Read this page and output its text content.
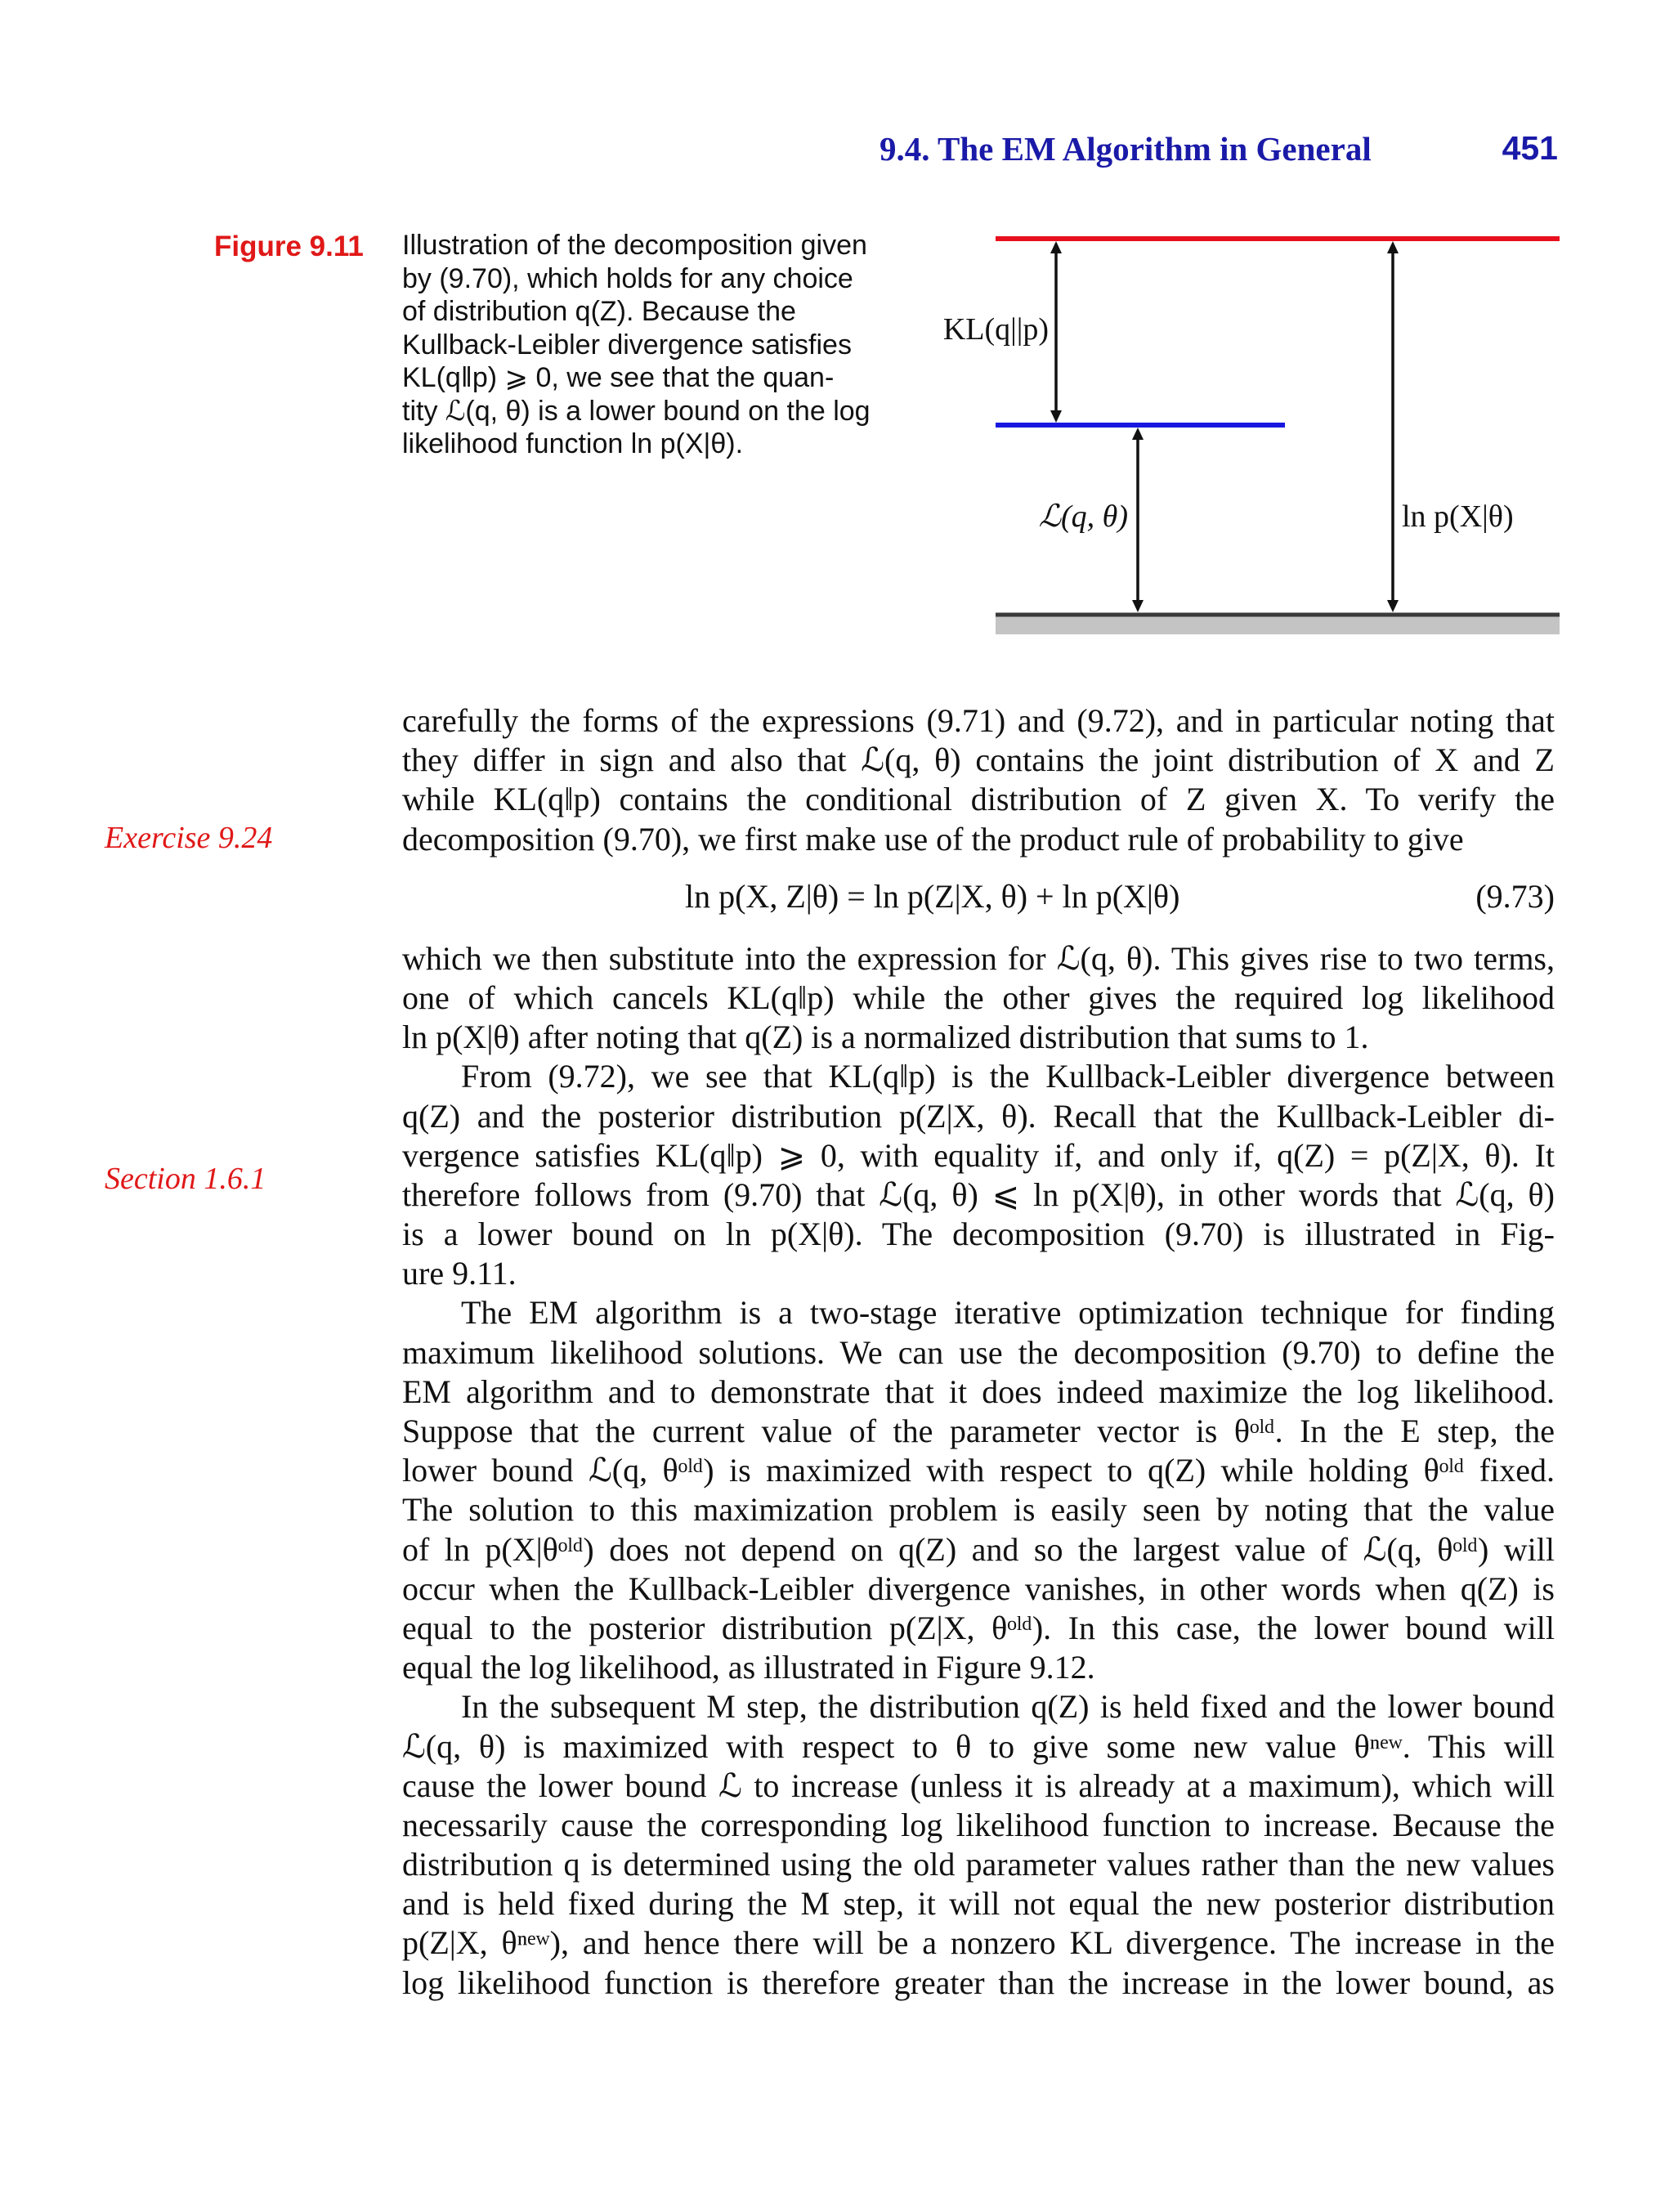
9.4. The EM Algorithm in General	451
Figure 9.11 Illustration of the decomposition given
by (9.70), which holds for any choice
of distribution q(Z). Because the
Kullback-Leibler divergence satisfies
KL(q‖p) ⩾ 0, we see that the quan-
tity ℒ(q, θ) is a lower bound on the log
likelihood function ln p(X|θ).
KL(q||p)
ℒ(q, θ)	ln p(X|θ)
Exercise 9.24
Section 1.6.1
carefully the forms of the expressions (9.71) and (9.72), and in particular noting that
they differ in sign and also that ℒ(q, θ) contains the joint distribution of X and Z
while KL(q‖p) contains the conditional distribution of Z given X. To verify the
decomposition (9.70), we first make use of the product rule of probability to give
ln p(X, Z|θ) = ln p(Z|X, θ) + ln p(X|θ)	(9.73)
which we then substitute into the expression for ℒ(q, θ). This gives rise to two terms,
one of which cancels KL(q‖p) while the other gives the required log likelihood
ln p(X|θ) after noting that q(Z) is a normalized distribution that sums to 1.
From (9.72), we see that KL(q‖p) is the Kullback-Leibler divergence between
q(Z) and the posterior distribution p(Z|X, θ). Recall that the Kullback-Leibler di-
vergence satisfies KL(q‖p) ⩾ 0, with equality if, and only if, q(Z) = p(Z|X, θ). It
therefore follows from (9.70) that ℒ(q, θ) ⩽ ln p(X|θ), in other words that ℒ(q, θ)
is a lower bound on ln p(X|θ). The decomposition (9.70) is illustrated in Fig-
ure 9.11.
The EM algorithm is a two-stage iterative optimization technique for finding
maximum likelihood solutions. We can use the decomposition (9.70) to define the
EM algorithm and to demonstrate that it does indeed maximize the log likelihood.
Suppose that the current value of the parameter vector is θᵒˡᵈ. In the E step, the
lower bound ℒ(q, θᵒˡᵈ) is maximized with respect to q(Z) while holding θᵒˡᵈ fixed.
The solution to this maximization problem is easily seen by noting that the value
of ln p(X|θᵒˡᵈ) does not depend on q(Z) and so the largest value of ℒ(q, θᵒˡᵈ) will
occur when the Kullback-Leibler divergence vanishes, in other words when q(Z) is
equal to the posterior distribution p(Z|X, θᵒˡᵈ). In this case, the lower bound will
equal the log likelihood, as illustrated in Figure 9.12.
In the subsequent M step, the distribution q(Z) is held fixed and the lower bound
ℒ(q, θ) is maximized with respect to θ to give some new value θⁿᵉʷ. This will
cause the lower bound ℒ to increase (unless it is already at a maximum), which will
necessarily cause the corresponding log likelihood function to increase. Because the
distribution q is determined using the old parameter values rather than the new values
and is held fixed during the M step, it will not equal the new posterior distribution
p(Z|X, θⁿᵉʷ), and hence there will be a nonzero KL divergence. The increase in the
log likelihood function is therefore greater than the increase in the lower bound, as
